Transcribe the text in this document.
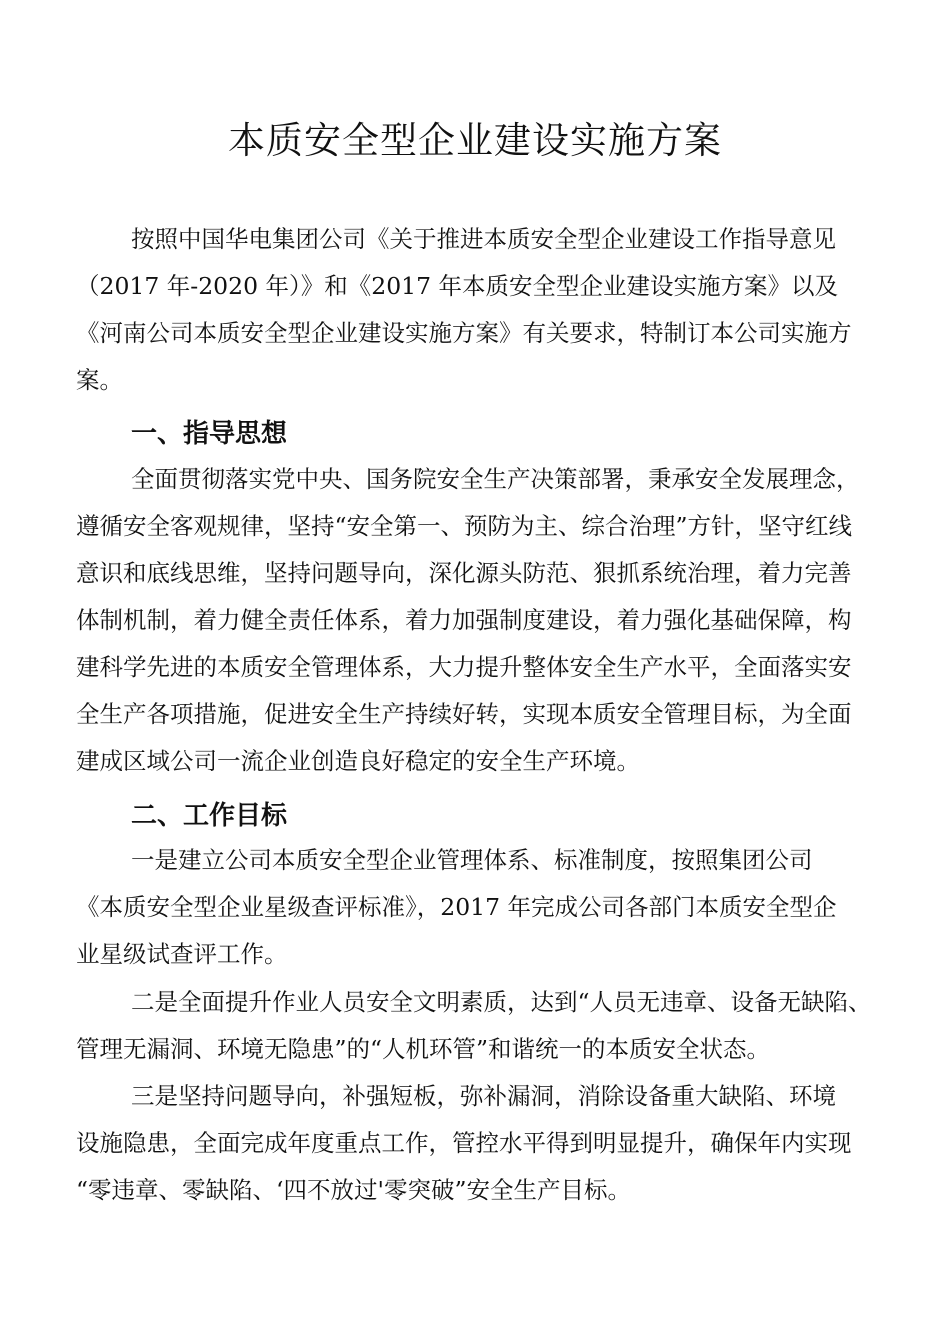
本质安全型企业建设实施方案
按照中国华电集团公司《关于推进本质安全型企业建设工作指导意见
（2017 年-2020 年）》和《2017 年本质安全型企业建设实施方案》以及
《河南公司本质安全型企业建设实施方案》有关要求，特制订本公司实施方
案。
一、指导思想
全面贯彻落实党中央、国务院安全生产决策部署，秉承安全发展理念，
遵循安全客观规律，坚持“安全第一、预防为主、综合治理”方针，坚守红线
意识和底线思维，坚持问题导向，深化源头防范、狠抓系统治理，着力完善
体制机制，着力健全责任体系，着力加强制度建设，着力强化基础保障，构
建科学先进的本质安全管理体系，大力提升整体安全生产水平，全面落实安
全生产各项措施，促进安全生产持续好转，实现本质安全管理目标，为全面
建成区域公司一流企业创造良好稳定的安全生产环境。
二、工作目标
一是建立公司本质安全型企业管理体系、标准制度，按照集团公司
《本质安全型企业星级查评标准》，2017 年完成公司各部门本质安全型企
业星级试查评工作。
二是全面提升作业人员安全文明素质，达到“人员无违章、设备无缺陷、
管理无漏洞、环境无隐患”的“人机环管”和谐统一的本质安全状态。
三是坚持问题导向，补强短板，弥补漏洞，消除设备重大缺陷、环境
设施隐患，全面完成年度重点工作，管控水平得到明显提升，确保年内实现
“零违章、零缺陷、‘四不放过'零突破”安全生产目标。
